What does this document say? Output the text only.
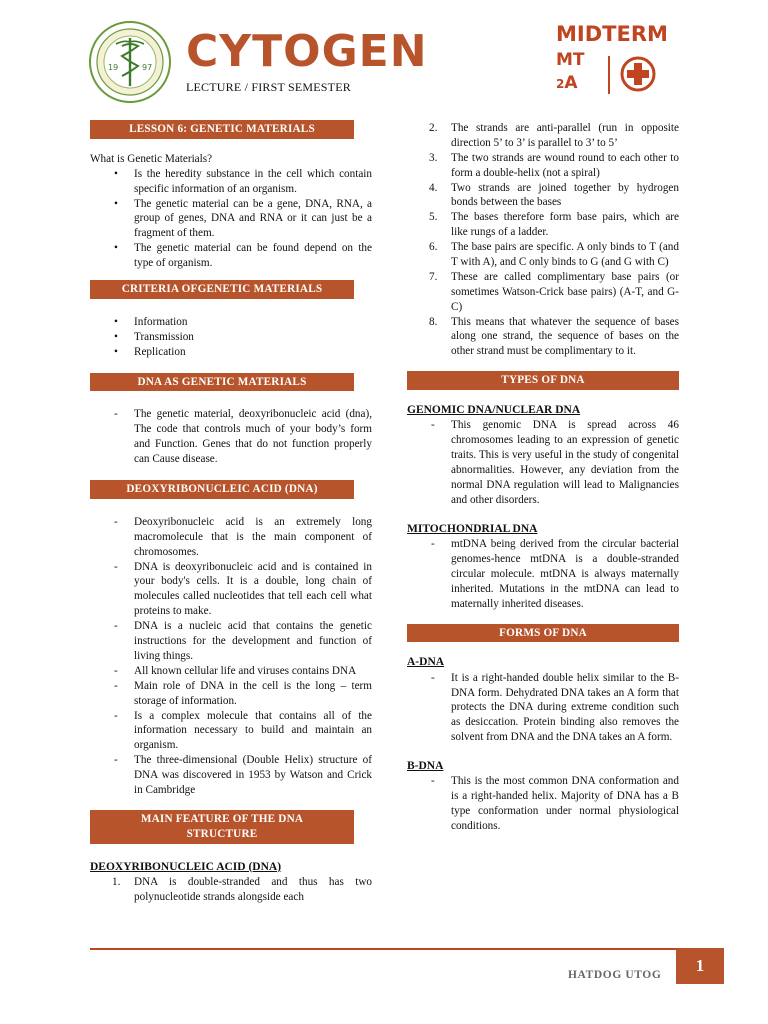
19	97 CYTOGEN
LECTURE / FIRST SEMESTER
MIDTERM
MT
2A
LESSON 6: GENETIC MATERIALS
What is Genetic Materials?
• Is the heredity substance in the cell which contain specific information of an organism.
• The genetic material can be a gene, DNA, RNA, a group of genes, DNA and RNA or it can just be a fragment of them.
• The genetic material can be found depend on the type of organism.
CRITERIA OFGENETIC MATERIALS
• Information
• Transmission
• Replication
DNA AS GENETIC MATERIALS
- The genetic material, deoxyribonucleic acid (dna), The code that controls much of your body’s form and Function. Genes that do not function properly can Cause disease.
DEOXYRIBONUCLEIC ACID (DNA)
- Deoxyribonucleic acid is an extremely long macromolecule that is the main component of chromosomes.
- DNA is deoxyribonucleic acid and is contained in your body's cells. It is a double, long chain of molecules called nucleotides that tell each cell what proteins to make.
- DNA is a nucleic acid that contains the genetic instructions for the development and function of living things.
- All known cellular life and viruses contains DNA
- Main role of DNA in the cell is the long – term storage of information.
- Is a complex molecule that contains all of the information necessary to build and maintain an organism.
- The three-dimensional (Double Helix) structure of DNA was discovered in 1953 by Watson and Crick in Cambridge
MAIN FEATURE OF THE DNA
STRUCTURE
DEOXYRIBONUCLEIC ACID (DNA)
1. DNA is double-stranded and thus has two polynucleotide strands alongside each
2. The strands are anti-parallel (run in opposite direction 5’ to 3’ is parallel to 3’ to 5’
3. The two strands are wound round to each other to form a double-helix (not a spiral)
4. Two strands are joined together by hydrogen bonds between the bases
5. The bases therefore form base pairs, which are like rungs of a ladder.
6. The base pairs are specific. A only binds to T (and T with A), and C only binds to G (and G with C)
7. These are called complimentary base pairs (or sometimes Watson-Crick base pairs) (A-T, and G-C)
8. This means that whatever the sequence of bases along one strand, the sequence of bases on the other strand must be complimentary to it.
TYPES OF DNA
GENOMIC DNA/NUCLEAR DNA
- This genomic DNA is spread across 46 chromosomes leading to an expression of genetic traits. This is very useful in the study of congenital abnormalities. However, any deviation from the normal DNA regulation will lead to Malignancies and other disorders.
MITOCHONDRIAL DNA
- mtDNA being derived from the circular bacterial genomes-hence mtDNA is a double-stranded circular molecule. mtDNA is always maternally inherited. Mutations in the mtDNA can lead to maternally inherited diseases.
FORMS OF DNA
A-DNA
- It is a right-handed double helix similar to the B-DNA form. Dehydrated DNA takes an A form that protects the DNA during extreme condition such as desiccation. Protein binding also removes the solvent from DNA and the DNA takes an A form.
B-DNA
- This is the most common DNA conformation and is a right-handed helix. Majority of DNA has a B type conformation under normal physiological conditions.
HATDOG UTOG	1
